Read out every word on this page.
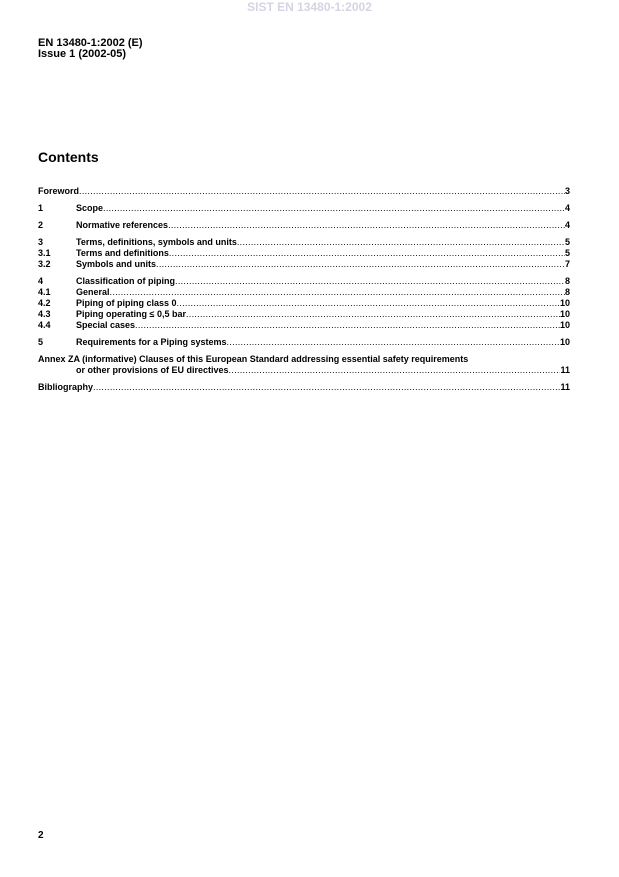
SIST EN 13480-1:2002
EN 13480-1:2002 (E)
Issue 1 (2002-05)
Contents
Foreword .....	3
1	Scope .....	4
2	Normative references .....	4
3	Terms, definitions, symbols and units .....	5
3.1	Terms and definitions .....	5
3.2	Symbols and units .....	7
4	Classification of piping .....	8
4.1	General .....	8
4.2	Piping of piping class 0 .....	10
4.3	Piping operating ≤ 0,5 bar .....	10
4.4	Special cases .....	10
5	Requirements for a Piping systems .....	10
Annex ZA (informative) Clauses of this European Standard addressing essential safety requirements
or other provisions of EU directives .....	11
Bibliography .....	11
2
